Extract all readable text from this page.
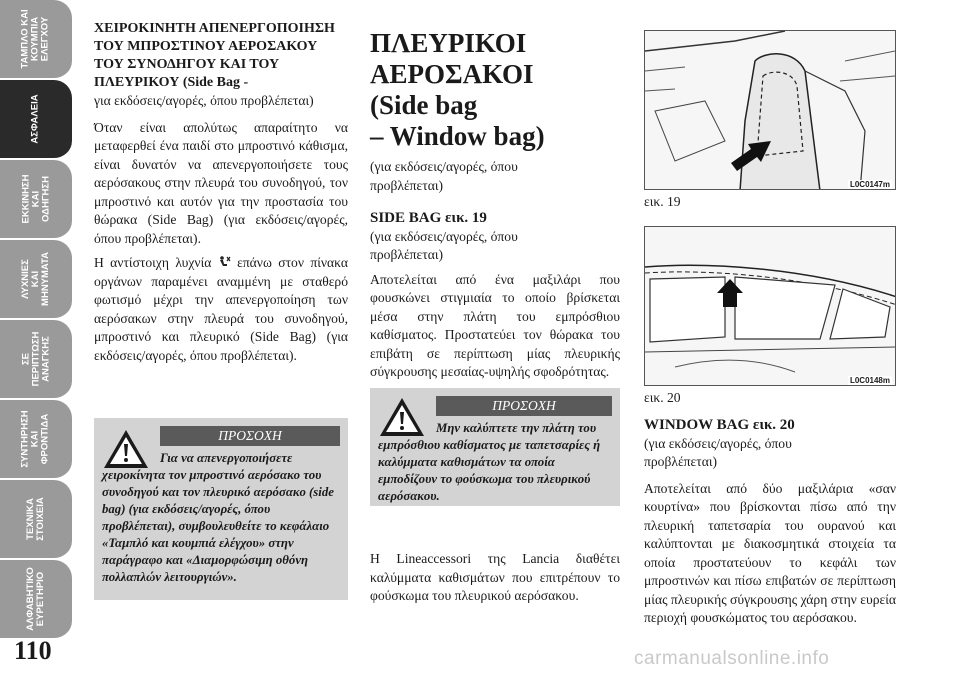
ΤΑΜΠΛΟ ΚΑΙ
ΚΟΥΜΠΙΑ
ΕΛΕΓΧΟΥ
ΑΣΦΑΛΕΙΑ
ΕΚΚΙΝΗΣΗ
ΚΑΙ
ΟΔΗΓΗΣΗ
ΛΥΧΝΙΕΣ
ΚΑΙ
ΜΗΝΥΜΑΤΑ
ΣΕ
ΠΕΡΙΠΤΩΣΗ
ΑΝΑΓΚΗΣ
ΣΥΝΤΗΡΗΣΗ
ΚΑΙ
ΦΡΟΝΤΙΔΑ
ΤΕΧΝΙΚΑ
ΣΤΟΙΧΕΙΑ
ΑΛΦΑΒΗΤΙΚΟ
ΕΥΡΕΤΗΡΙΟ
110
ΧΕΙΡΟΚΙΝΗΤΗ ΑΠΕΝΕΡΓΟΠΟΙΗΣΗ ΤΟΥ ΜΠΡΟΣΤΙΝΟΥ ΑΕΡΟΣΑΚΟΥ ΤΟΥ ΣΥΝΟΔΗΓΟΥ ΚΑΙ ΤΟΥ ΠΛΕΥΡΙΚΟΥ (Side Bag -
για εκδόσεις/αγορές, όπου προβλέπεται)

Όταν είναι απολύτως απαραίτητο να μεταφερθεί ένα παιδί στο μπροστινό κάθισμα, είναι δυνατόν να απενεργοποιήσετε τους αερόσακους στην πλευρά του συνοδηγού, τον μπροστινό και αυτόν για την προστασία του θώρακα (Side Bag) (για εκδόσεις/αγορές, όπου προβλέπεται).

Η αντίστοιχη λυχνία επάνω στον πίνακα οργάνων παραμένει αναμμένη με σταθερό φωτισμό μέχρι την απενεργοποίηση των αερόσακων στην πλευρά του συνοδηγού, μπροστινό και πλευρικό (Side Bag) (για εκδόσεις/αγορές, όπου προβλέπεται).

ΠΡΟΣΟΧΗ
Για να απενεργοποιήσετε χειροκίνητα τον μπροστινό αερόσακο του συνοδηγού και τον πλευρικό αερόσακο (side bag) (για εκδόσεις/αγορές, όπου προβλέπεται), συμβουλευθείτε το κεφάλαιο «Ταμπλό και κουμπιά ελέγχου» στην παράγραφο και «Διαμορφώσιμη οθόνη πολλαπλών λειτουργιών».
ΠΛΕΥΡΙΚΟΙ
ΑΕΡΟΣΑΚΟΙ
(Side bag
– Window bag)
(για εκδόσεις/αγορές, όπου προβλέπεται)
SIDE BAG εικ. 19
(για εκδόσεις/αγορές, όπου προβλέπεται)

Αποτελείται από ένα μαξιλάρι που φουσκώνει στιγμιαία το οποίο βρίσκεται μέσα στην πλάτη του εμπρόσθιου καθίσματος. Προστατεύει τον θώρακα του επιβάτη σε περίπτωση μίας πλευρικής σύγκρουσης μεσαίας-υψηλής σφοδρότητας.

ΠΡΟΣΟΧΗ
Μην καλύπτετε την πλάτη του εμπρόσθιου καθίσματος με ταπετσαρίες ή καλύμματα καθισμάτων τα οποία εμποδίζουν το φούσκωμα του πλευρικού αερόσακου.

Η Lineaccessori της Lancia διαθέτει καλύμματα καθισμάτων που επιτρέπουν το φούσκωμα του πλευρικού αερόσακου.

L0C0147m
εικ. 19
L0C0148m
εικ. 20
WINDOW BAG εικ. 20
(για εκδόσεις/αγορές, όπου προβλέπεται)

Αποτελείται από δύο μαξιλάρια «σαν κουρτίνα» που βρίσκονται πίσω από την πλευρική ταπετσαρία του ουρανού και καλύπτονται με διακοσμητικά στοιχεία τα οποία προστατεύουν το κεφάλι των μπροστινών και πίσω επιβατών σε περίπτωση μίας πλευρικής σύγκρουσης χάρη στην ευρεία περιοχή φουσκώματος του αερόσακου.

carmanualsonline.info
